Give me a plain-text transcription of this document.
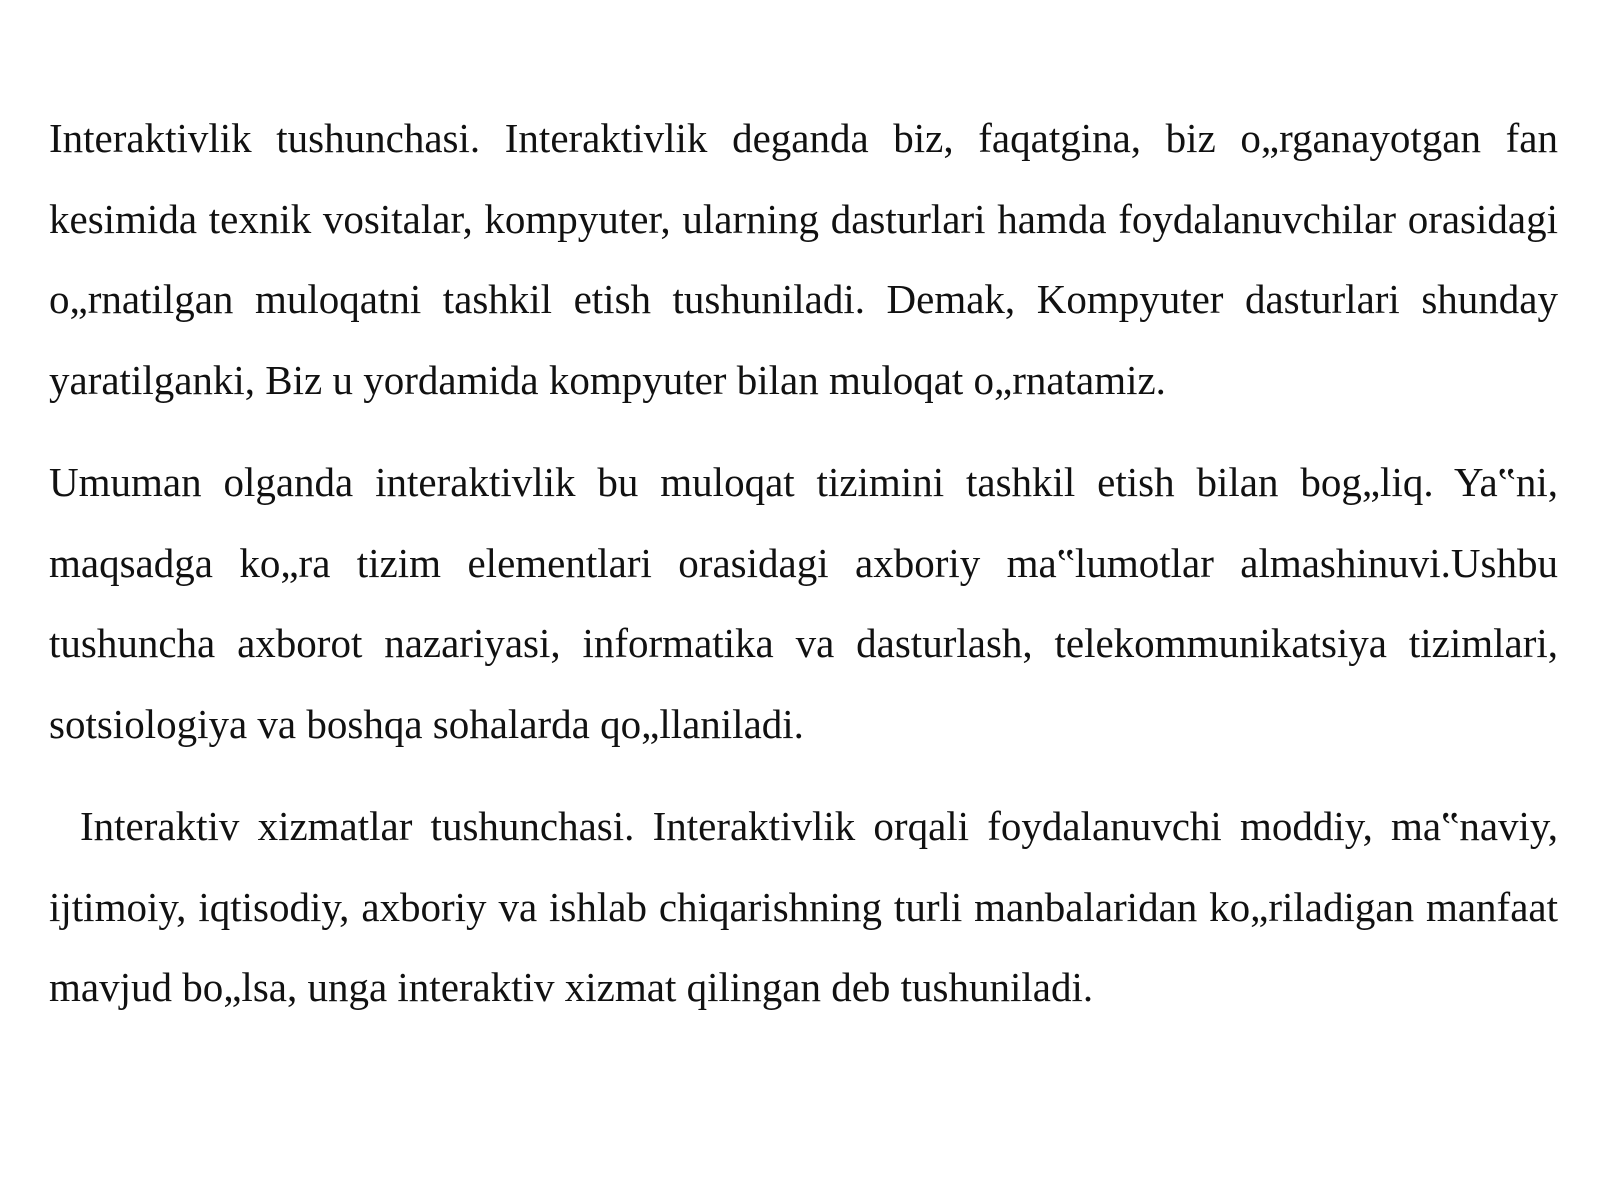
Interaktivlik tushunchasi. Interaktivlik deganda biz, faqatgina, biz o„rganayotgan fan kesimida texnik vositalar, kompyuter, ularning dasturlari hamda foydalanuvchilar orasidagi o„rnatilgan muloqatni tashkil etish tushuniladi. Demak, Kompyuter dasturlari shunday yaratilganki, Biz u yordamida kompyuter bilan muloqat o„rnatamiz.

Umuman olganda interaktivlik bu muloqat tizimini tashkil etish bilan bog„liq. Ya‟ni, maqsadga ko„ra tizim elementlari orasidagi axboriy ma‟lumotlar almashinuvi.Ushbu tushuncha axborot nazariyasi, informatika va dasturlash, telekommunikatsiya tizimlari, sotsiologiya va boshqa sohalarda qo„llaniladi.

Interaktiv xizmatlar tushunchasi. Interaktivlik orqali foydalanuvchi moddiy, ma‟naviy, ijtimoiy, iqtisodiy, axboriy va ishlab chiqarishning turli manbalaridan ko„riladigan manfaat mavjud bo„lsa, unga interaktiv xizmat qilingan deb tushuniladi.
